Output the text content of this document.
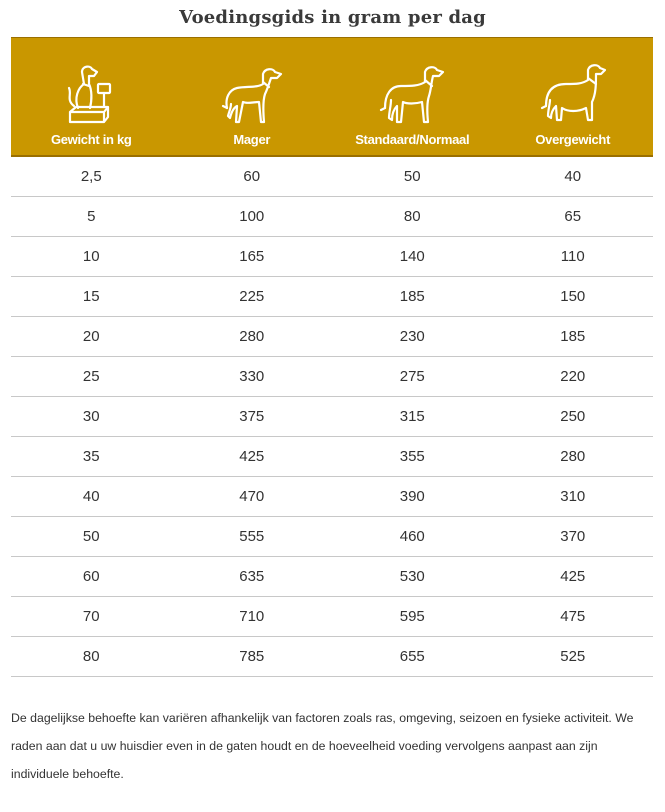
Voedingsgids in gram per dag
Gewicht in kg	Mager	Standaard/Normaal	Overgewicht
2,5	60	50	40
5	100	80	65
10	165	140	110
15	225	185	150
20	280	230	185
25	330	275	220
30	375	315	250
35	425	355	280
40	470	390	310
50	555	460	370
60	635	530	425
70	710	595	475
80	785	655	525

De dagelijkse behoefte kan variëren afhankelijk van factoren zoals ras, omgeving, seizoen en fysieke activiteit. We raden aan dat u uw huisdier even in de gaten houdt en de hoeveelheid voeding vervolgens aanpast aan zijn individuele behoefte.
